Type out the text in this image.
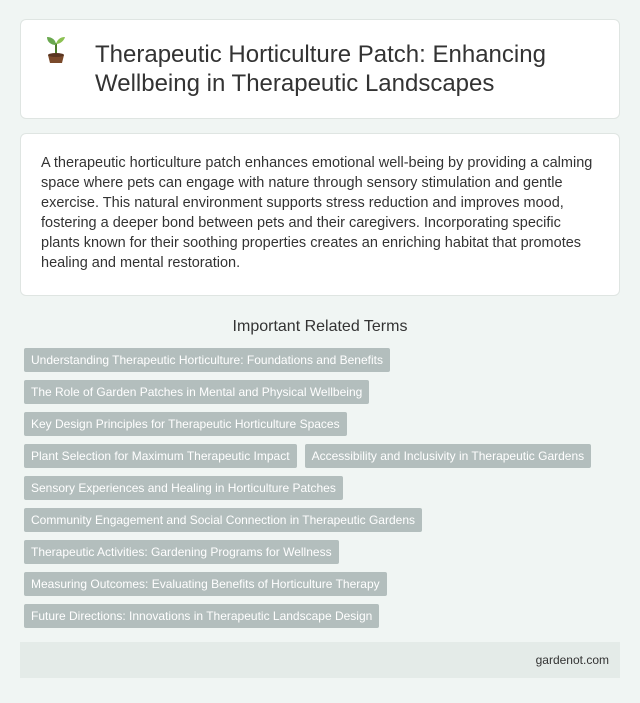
Therapeutic Horticulture Patch: Enhancing Wellbeing in Therapeutic Landscapes

A therapeutic horticulture patch enhances emotional well-being by providing a calming space where pets can engage with nature through sensory stimulation and gentle exercise. This natural environment supports stress reduction and improves mood, fostering a deeper bond between pets and their caregivers. Incorporating specific plants known for their soothing properties creates an enriching habitat that promotes healing and mental restoration.

Important Related Terms
Understanding Therapeutic Horticulture: Foundations and Benefits
The Role of Garden Patches in Mental and Physical Wellbeing
Key Design Principles for Therapeutic Horticulture Spaces
Plant Selection for Maximum Therapeutic Impact	Accessibility and Inclusivity in Therapeutic Gardens
Sensory Experiences and Healing in Horticulture Patches
Community Engagement and Social Connection in Therapeutic Gardens
Therapeutic Activities: Gardening Programs for Wellness
Measuring Outcomes: Evaluating Benefits of Horticulture Therapy
Future Directions: Innovations in Therapeutic Landscape Design
gardenot.com
